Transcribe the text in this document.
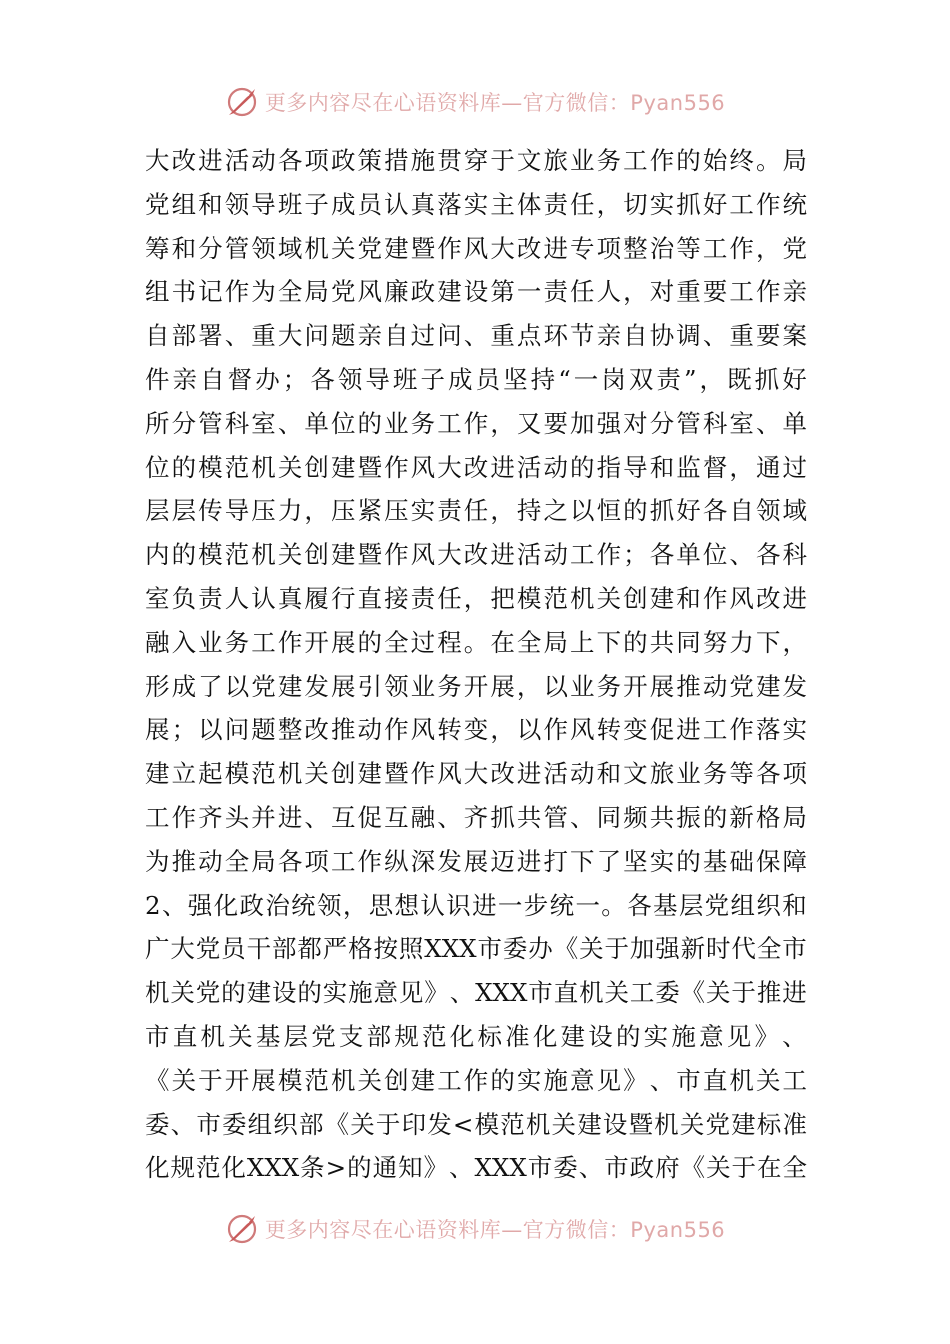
更多内容尽在心语资料库—官方微信：Pyan556
大 改 进 活 动 各 项 政 策 措 施 贯 穿 于 文 旅 业 务 工 作 的 始 终 。 局
党 组 和 领 导 班 子 成 员 认 真 落 实 主 体 责 任 ， 切 实 抓 好 工 作 统
筹 和 分 管 领 域 机 关 党 建 暨 作 风 大 改 进 专 项 整 治 等 工 作 ， 党
组 书 记 作 为 全 局 党 风 廉 政 建 设 第 一 责 任 人 ， 对 重 要 工 作 亲
自 部 署 、 重 大 问 题 亲 自 过 问 、 重 点 环 节 亲 自 协 调 、 重 要 案
件 亲 自 督 办 ； 各 领 导 班 子 成 员 坚 持 “ 一 岗 双 责 ” ， 既 抓 好
所 分 管 科 室 、 单 位 的 业 务 工 作 ， 又 要 加 强 对 分 管 科 室 、 单
位 的 模 范 机 关 创 建 暨 作 风 大 改 进 活 动 的 指 导 和 监 督 ， 通 过
层 层 传 导 压 力 ， 压 紧 压 实 责 任 ， 持 之 以 恒 的 抓 好 各 自 领 域
内 的 模 范 机 关 创 建 暨 作 风 大 改 进 活 动 工 作 ； 各 单 位 、 各 科
室 负 责 人 认 真 履 行 直 接 责 任 ， 把 模 范 机 关 创 建 和 作 风 改 进
融 入 业 务 工 作 开 展 的 全 过 程 。 在 全 局 上 下 的 共 同 努 力 下 ，
形 成 了 以 党 建 发 展 引 领 业 务 开 展 ， 以 业 务 开 展 推 动 党 建 发
展 ； 以 问 题 整 改 推 动 作 风 转 变 ， 以 作 风 转 变 促 进 工 作 落 实
建 立 起 模 范 机 关 创 建 暨 作 风 大 改 进 活 动 和 文 旅 业 务 等 各 项
工 作 齐 头 并 进 、 互 促 互 融 、 齐 抓 共 管 、 同 频 共 振 的 新 格 局
为 推 动 全 局 各 项 工 作 纵 深 发 展 迈 进 打 下 了 坚 实 的 基 础 保 障
2 、 强 化 政 治 统 领 ， 思 想 认 识 进 一 步 统 一 。 各 基 层 党 组 织 和
广 大 党 员 干 部 都 严 格 按 照 XXX 市 委 办 《 关 于 加 强 新 时 代 全 市
机 关 党 的 建 设 的 实 施 意 见 》 、 XXX 市 直 机 关 工 委 《 关 于 推 进
市 直 机 关 基 层 党 支 部 规 范 化 标 准 化 建 设 的 实 施 意 见 》 、
《 关 于 开 展 模 范 机 关 创 建 工 作 的 实 施 意 见 》 、 市 直 机 关 工
委 、 市 委 组 织 部 《 关 于 印 发 < 模 范 机 关 建 设 暨 机 关 党 建 标 准
化 规 范 化 XXX 条 > 的 通 知 》 、 XXX 市 委 、 市 政 府 《 关 于 在 全
更多内容尽在心语资料库—官方微信：Pyan556
